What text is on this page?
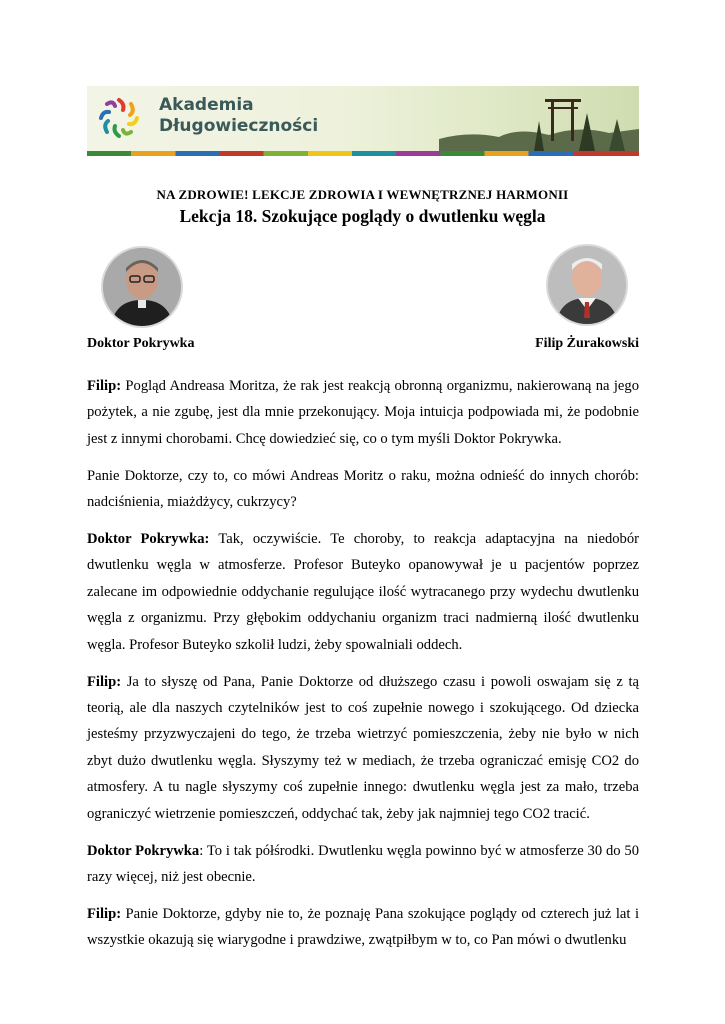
Akademia
Długowieczności
NA ZDROWIE! LEKCJE ZDROWIA I WEWNĘTRZNEJ HARMONII
Lekcja 18. Szokujące poglądy o dwutlenku węgla
Doktor Pokrywka	Filip Żurakowski

Filip: Pogląd Andreasa Moritza, że rak jest reakcją obronną organizmu, nakierowaną na jego pożytek, a nie zgubę, jest dla mnie przekonujący. Moja intuicja podpowiada mi, że podobnie jest z innymi chorobami. Chcę dowiedzieć się, co o tym myśli Doktor Pokrywka.

Panie Doktorze, czy to, co mówi Andreas Moritz o raku, można odnieść do innych chorób: nadciśnienia, miażdżycy, cukrzycy?

Doktor Pokrywka: Tak, oczywiście. Te choroby, to reakcja adaptacyjna na niedobór dwutlenku węgla w atmosferze. Profesor Buteyko opanowywał je u pacjentów poprzez zalecane im odpowiednie oddychanie regulujące ilość wytracanego przy wydechu dwutlenku węgla z organizmu. Przy głębokim oddychaniu organizm traci nadmierną ilość dwutlenku węgla. Profesor Buteyko szkolił ludzi, żeby spowalniali oddech.

Filip: Ja to słyszę od Pana, Panie Doktorze od dłuższego czasu i powoli oswajam się z tą teorią, ale dla naszych czytelników jest to coś zupełnie nowego i szokującego. Od dziecka jesteśmy przyzwyczajeni do tego, że trzeba wietrzyć pomieszczenia, żeby nie było w nich zbyt dużo dwutlenku węgla. Słyszymy też w mediach, że trzeba ograniczać emisję CO2 do atmosfery. A tu nagle słyszymy coś zupełnie innego: dwutlenku węgla jest za mało, trzeba ograniczyć wietrzenie pomieszczeń, oddychać tak, żeby jak najmniej tego CO2 tracić.

Doktor Pokrywka: To i tak półśrodki. Dwutlenku węgla powinno być w atmosferze 30 do 50 razy więcej, niż jest obecnie.

Filip: Panie Doktorze, gdyby nie to, że poznaję Pana szokujące poglądy od czterech już lat i wszystkie okazują się wiarygodne i prawdziwe, zwątpiłbym w to, co Pan mówi o dwutlenku
